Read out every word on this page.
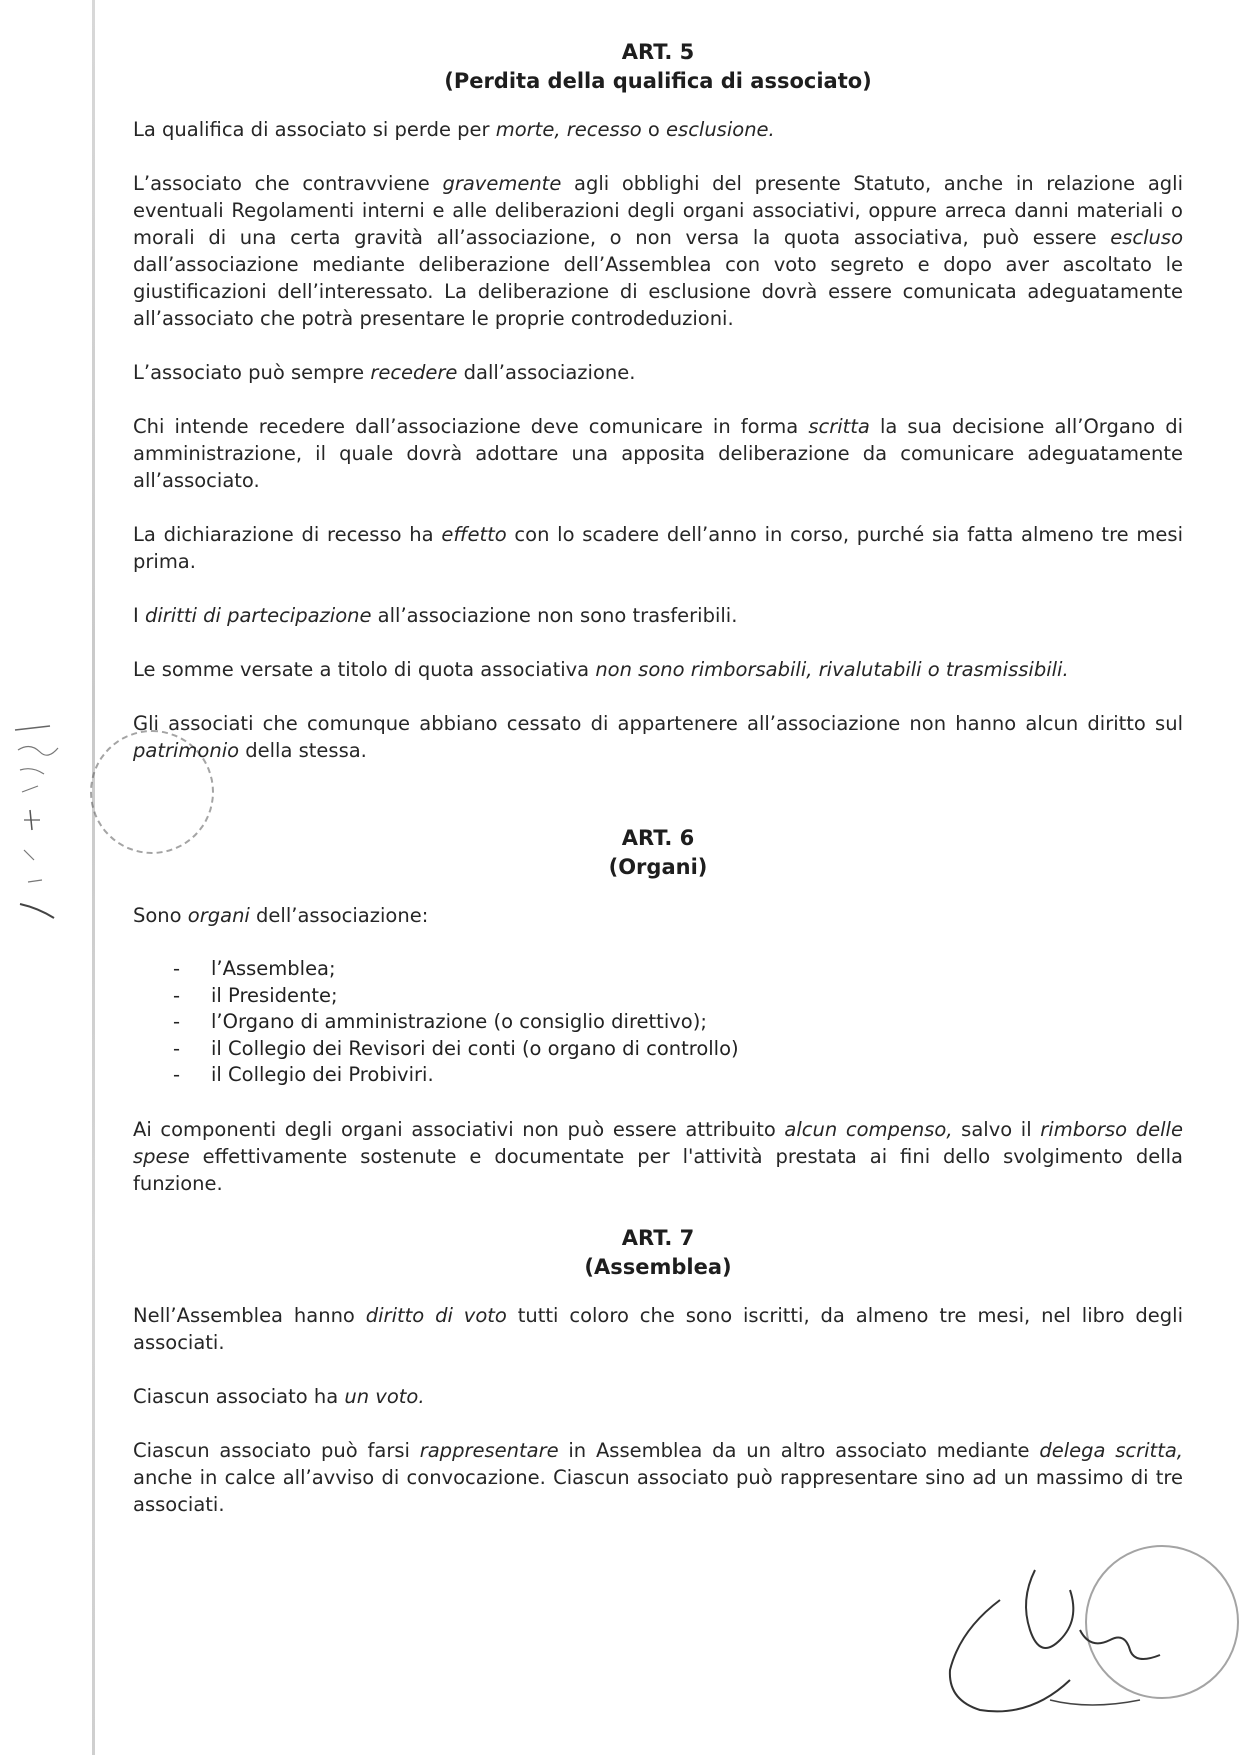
ART. 5
(Perdita della qualifica di associato)

La qualifica di associato si perde per morte, recesso o esclusione.

L’associato che contravviene gravemente agli obblighi del presente Statuto, anche in relazione agli eventuali Regolamenti interni e alle deliberazioni degli organi associativi, oppure arreca danni materiali o morali di una certa gravità all’associazione, o non versa la quota associativa, può essere escluso dall’associazione mediante deliberazione dell’Assemblea con voto segreto e dopo aver ascoltato le giustificazioni dell’interessato. La deliberazione di esclusione dovrà essere comunicata adeguatamente all’associato che potrà presentare le proprie controdeduzioni.

L’associato può sempre recedere dall’associazione.

Chi intende recedere dall’associazione deve comunicare in forma scritta la sua decisione all’Organo di amministrazione, il quale dovrà adottare una apposita deliberazione da comunicare adeguatamente all’associato.

La dichiarazione di recesso ha effetto con lo scadere dell’anno in corso, purché sia fatta almeno tre mesi prima.

I diritti di partecipazione all’associazione non sono trasferibili.

Le somme versate a titolo di quota associativa non sono rimborsabili, rivalutabili o trasmissibili.

Gli associati che comunque abbiano cessato di appartenere all’associazione non hanno alcun diritto sul patrimonio della stessa.

ART. 6
(Organi)

Sono organi dell’associazione:

- l’Assemblea;
- il Presidente;
- l’Organo di amministrazione (o consiglio direttivo);
- il Collegio dei Revisori dei conti (o organo di controllo)
- il Collegio dei Probiviri.

Ai componenti degli organi associativi non può essere attribuito alcun compenso, salvo il rimborso delle spese effettivamente sostenute e documentate per l'attività prestata ai fini dello svolgimento della funzione.

ART. 7
(Assemblea)

Nell’Assemblea hanno diritto di voto tutti coloro che sono iscritti, da almeno tre mesi, nel libro degli associati.

Ciascun associato ha un voto.

Ciascun associato può farsi rappresentare in Assemblea da un altro associato mediante delega scritta, anche in calce all’avviso di convocazione. Ciascun associato può rappresentare sino ad un massimo di tre associati.
